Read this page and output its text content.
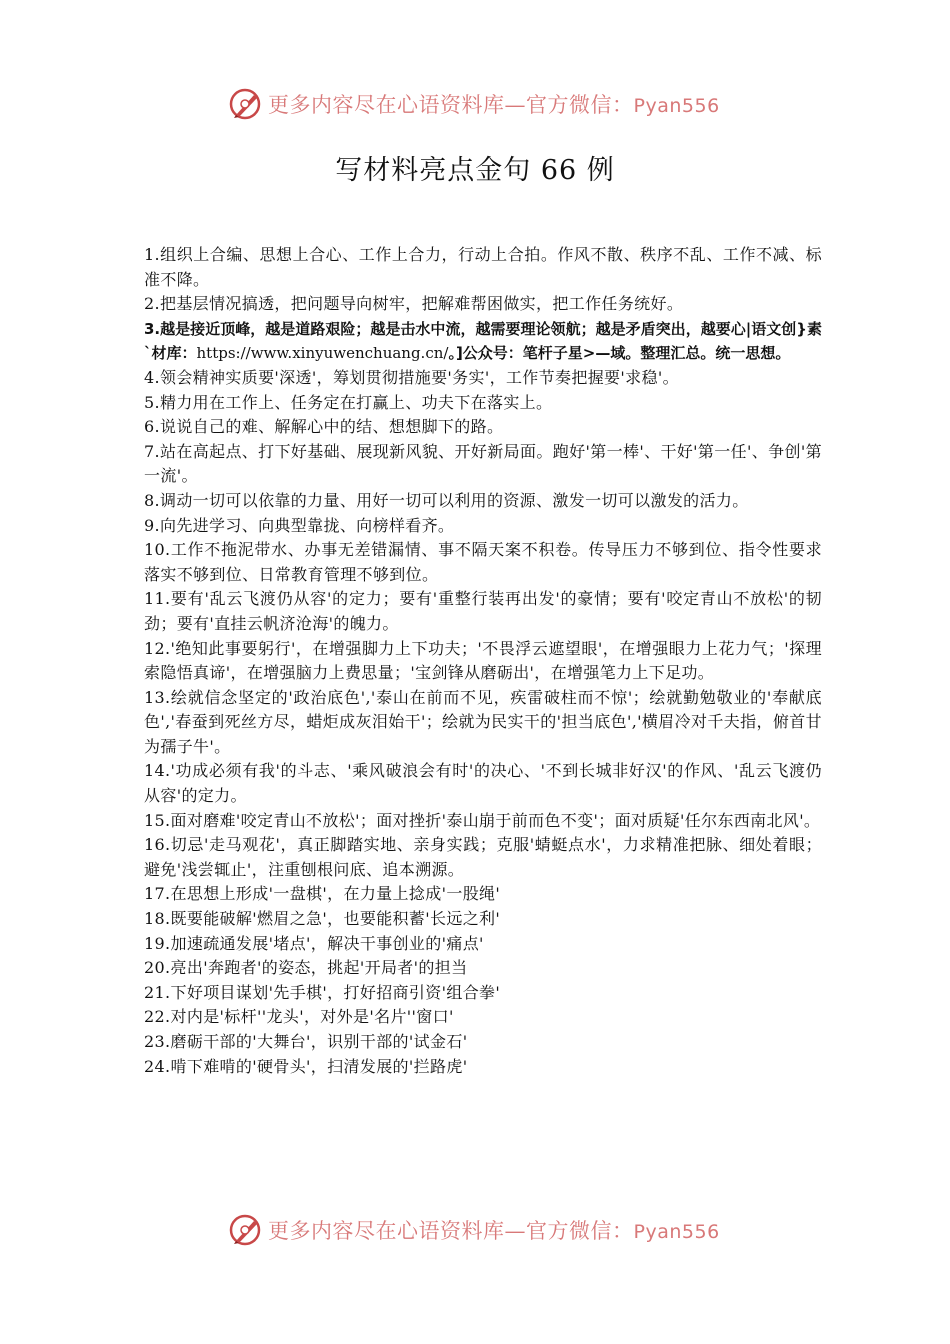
更多内容尽在心语资料库—官方微信：Pyan556
写材料亮点金句 66 例

1.组织上合编、思想上合心、工作上合力，行动上合拍。作风不散、秩序不乱、工作不减、标准不降。

2.把基层情况搞透，把问题导向树牢，把解难帮困做实，把工作任务统好。

3.越是接近顶峰，越是道路艰险；越是击水中流，越需要理论领航；越是矛盾突出，越要心|语文创}素`材库：https://www.xinyuwenchuang.cn/。]公众号：笔杆子星>—域。整理汇总。统一思想。

4.领会精神实质要'深透'，筹划贯彻措施要'务实'，工作节奏把握要'求稳'。

5.精力用在工作上、任务定在打赢上、功夫下在落实上。

6.说说自己的难、解解心中的结、想想脚下的路。

7.站在高起点、打下好基础、展现新风貌、开好新局面。跑好'第一棒'、干好'第一任'、争创'第一流'。

8.调动一切可以依靠的力量、用好一切可以利用的资源、激发一切可以激发的活力。

9.向先进学习、向典型靠拢、向榜样看齐。

10.工作不拖泥带水、办事无差错漏情、事不隔天案不积卷。传导压力不够到位、指令性要求落实不够到位、日常教育管理不够到位。

11.要有'乱云飞渡仍从容'的定力；要有'重整行装再出发'的豪情；要有'咬定青山不放松'的韧劲；要有'直挂云帆济沧海'的魄力。

12.'绝知此事要躬行'，在增强脚力上下功夫；'不畏浮云遮望眼'，在增强眼力上花力气；'探理索隐悟真谛'，在增强脑力上费思量；'宝剑锋从磨砺出'，在增强笔力上下足功。

13.绘就信念坚定的'政治底色','泰山在前而不见，疾雷破柱而不惊'；绘就勤勉敬业的'奉献底色','春蚕到死丝方尽，蜡炬成灰泪始干'；绘就为民实干的'担当底色','横眉冷对千夫指，俯首甘为孺子牛'。

14.'功成必须有我'的斗志、'乘风破浪会有时'的决心、'不到长城非好汉'的作风、'乱云飞渡仍从容'的定力。

15.面对磨难'咬定青山不放松'；面对挫折'泰山崩于前而色不变'；面对质疑'任尔东西南北风'。

16.切忌'走马观花'，真正脚踏实地、亲身实践；克服'蜻蜓点水'，力求精准把脉、细处着眼；避免'浅尝辄止'，注重刨根问底、追本溯源。

17.在思想上形成'一盘棋'，在力量上捻成'一股绳'

18.既要能破解'燃眉之急'，也要能积蓄'长远之利'

19.加速疏通发展'堵点'，解决干事创业的'痛点'

20.亮出'奔跑者'的姿态，挑起'开局者'的担当

21.下好项目谋划'先手棋'，打好招商引资'组合拳'

22.对内是'标杆''龙头'，对外是'名片''窗口'

23.磨砺干部的'大舞台'，识别干部的'试金石'

24.啃下难啃的'硬骨头'，扫清发展的'拦路虎'

更多内容尽在心语资料库—官方微信：Pyan556
